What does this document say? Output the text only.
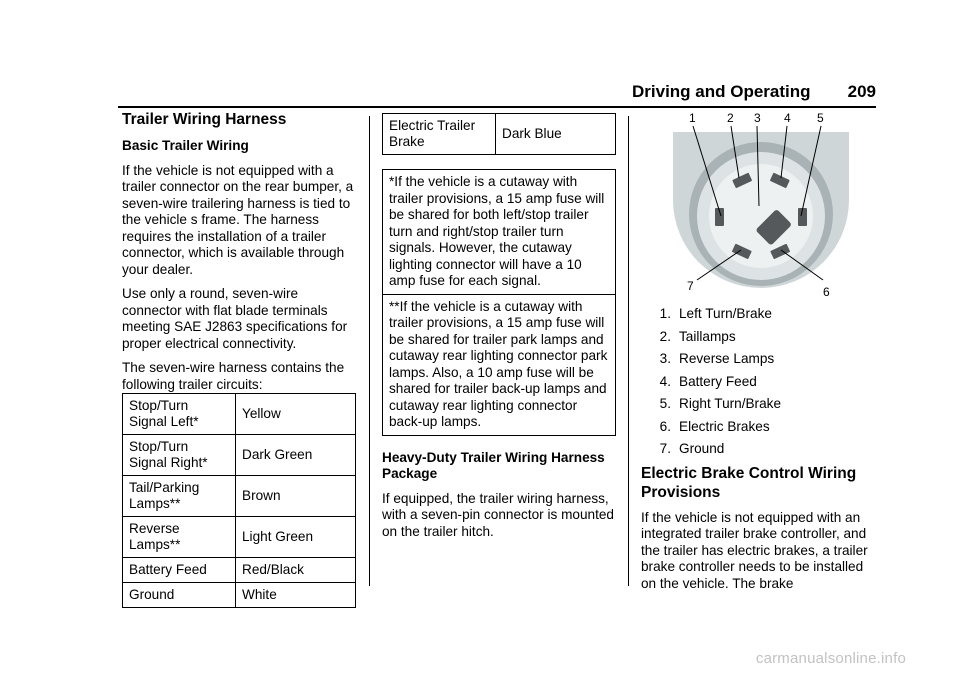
Driving and Operating 209
Trailer Wiring Harness
Basic Trailer Wiring

If the vehicle is not equipped with a trailer connector on the rear bumper, a seven-wire trailering harness is tied to the vehicle s frame. The harness requires the installation of a trailer connector, which is available through your dealer.

Use only a round, seven-wire connector with flat blade terminals meeting SAE J2863 specifications for proper electrical connectivity.

The seven-wire harness contains the following trailer circuits:

Stop/Turn Signal Left*	Yellow
Stop/Turn Signal Right*	Dark Green
Tail/Parking Lamps**	Brown
Reverse Lamps**	Light Green
Battery Feed	Red/Black
Ground	White
Electric Trailer Brake	Dark Blue
*If the vehicle is a cutaway with trailer provisions, a 15 amp fuse will be shared for both left/stop trailer turn and right/stop trailer turn signals. However, the cutaway lighting connector will have a 10 amp fuse for each signal.
**If the vehicle is a cutaway with trailer provisions, a 15 amp fuse will be shared for trailer park lamps and cutaway rear lighting connector park lamps. Also, a 10 amp fuse will be shared for trailer back-up lamps and cutaway rear lighting connector back-up lamps.
Heavy-Duty Trailer Wiring Harness Package

If equipped, the trailer wiring harness, with a seven-pin connector is mounted on the trailer hitch.

1	2 3 4 5
6
7
1. Left Turn/Brake
2. Taillamps
3. Reverse Lamps
4. Battery Feed
5. Right Turn/Brake
6. Electric Brakes
7. Ground
Electric Brake Control Wiring Provisions

If the vehicle is not equipped with an integrated trailer brake controller, and the trailer has electric brakes, a trailer brake controller needs to be installed on the vehicle. The brake

carmanualsonline.info
